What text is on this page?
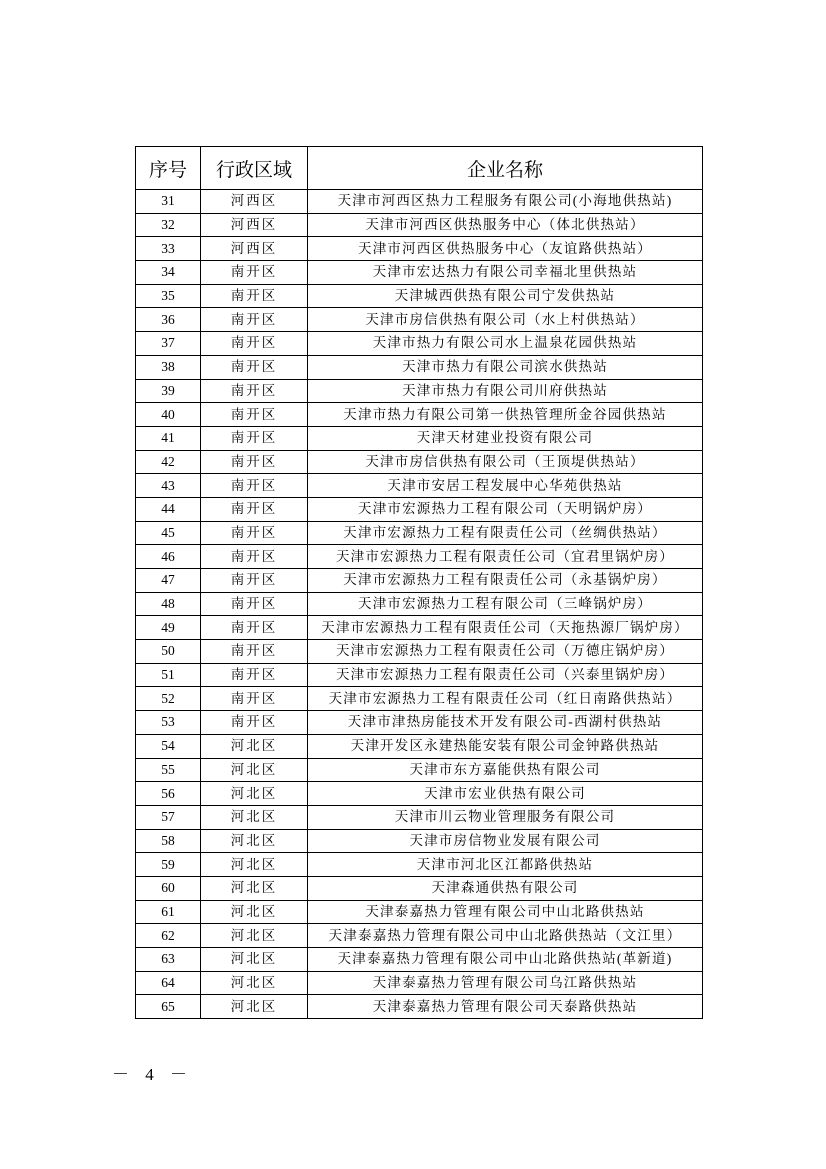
序号	行政区域	企业名称
31	河西区	天津市河西区热力工程服务有限公司(小海地供热站)
32	河西区	天津市河西区供热服务中心（体北供热站）
33	河西区	天津市河西区供热服务中心（友谊路供热站）
34	南开区	天津市宏达热力有限公司幸福北里供热站
35	南开区	天津城西供热有限公司宁发供热站
36	南开区	天津市房信供热有限公司（水上村供热站）
37	南开区	天津市热力有限公司水上温泉花园供热站
38	南开区	天津市热力有限公司滨水供热站
39	南开区	天津市热力有限公司川府供热站
40	南开区	天津市热力有限公司第一供热管理所金谷园供热站
41	南开区	天津天材建业投资有限公司
42	南开区	天津市房信供热有限公司（王顶堤供热站）
43	南开区	天津市安居工程发展中心华苑供热站
44	南开区	天津市宏源热力工程有限公司（天明锅炉房）
45	南开区	天津市宏源热力工程有限责任公司（丝绸供热站）
46	南开区	天津市宏源热力工程有限责任公司（宜君里锅炉房）
47	南开区	天津市宏源热力工程有限责任公司（永基锅炉房）
48	南开区	天津市宏源热力工程有限公司（三峰锅炉房）
49	南开区	天津市宏源热力工程有限责任公司（天拖热源厂锅炉房）
50	南开区	天津市宏源热力工程有限责任公司（万德庄锅炉房）
51	南开区	天津市宏源热力工程有限责任公司（兴泰里锅炉房）
52	南开区	天津市宏源热力工程有限责任公司（红日南路供热站）
53	南开区	天津市津热房能技术开发有限公司-西湖村供热站
54	河北区	天津开发区永建热能安装有限公司金钟路供热站
55	河北区	天津市东方嘉能供热有限公司
56	河北区	天津市宏业供热有限公司
57	河北区	天津市川云物业管理服务有限公司
58	河北区	天津市房信物业发展有限公司
59	河北区	天津市河北区江都路供热站
60	河北区	天津森通供热有限公司
61	河北区	天津泰嘉热力管理有限公司中山北路供热站
62	河北区	天津泰嘉热力管理有限公司中山北路供热站（文江里）
63	河北区	天津泰嘉热力管理有限公司中山北路供热站(革新道)
64	河北区	天津泰嘉热力管理有限公司乌江路供热站
65	河北区	天津泰嘉热力管理有限公司天泰路供热站
－ 4 －
